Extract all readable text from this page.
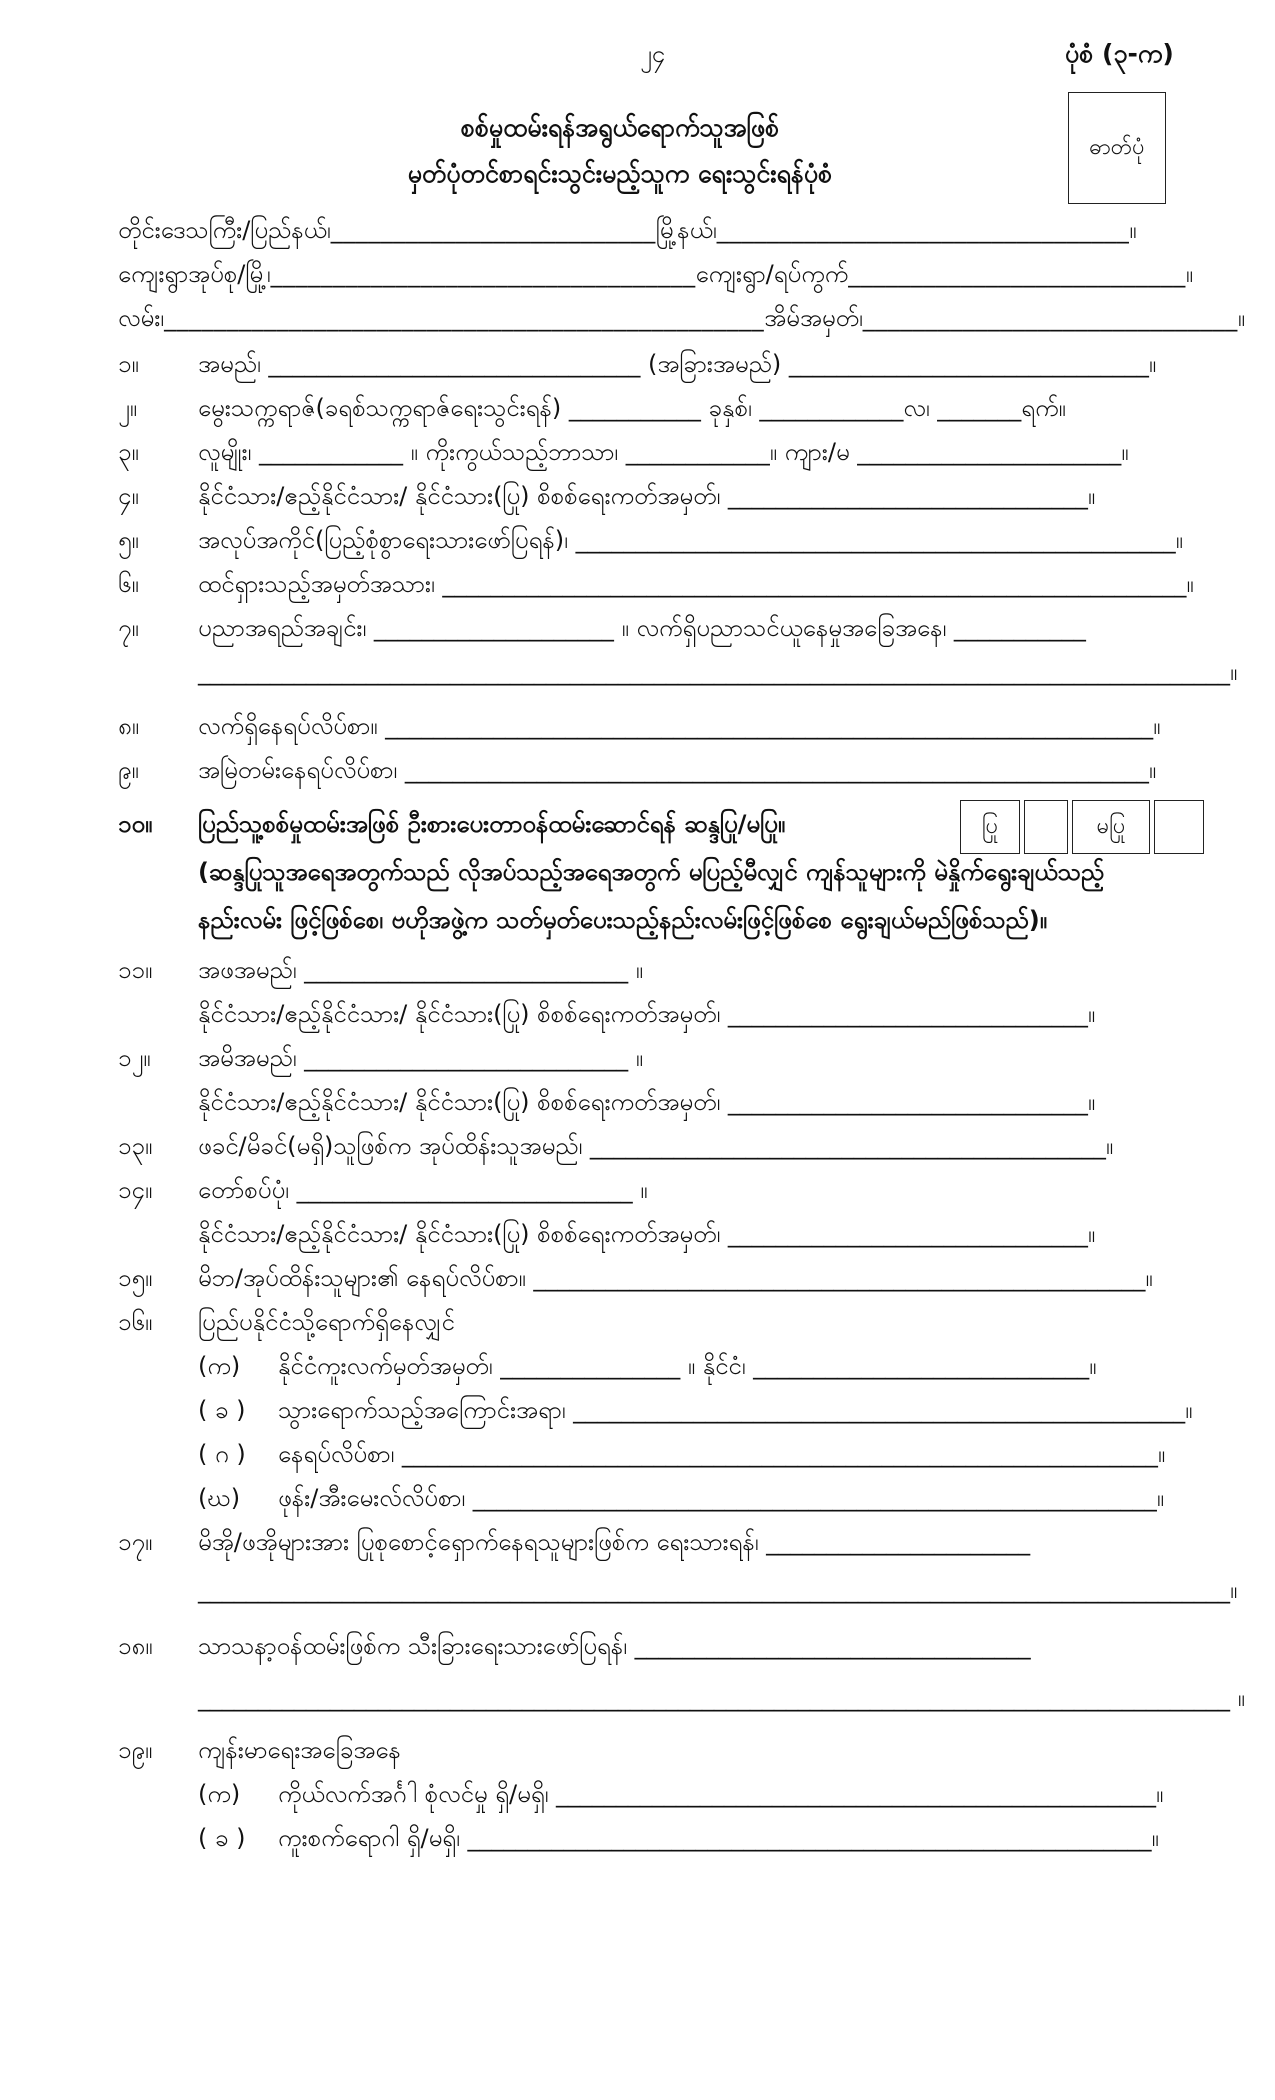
၂၄	ပုံစံ (၃-က)
စစ်မှုထမ်းရန်အရွယ်ရောက်သူအဖြစ်
မှတ်ပုံတင်စာရင်းသွင်းမည့်သူက ရေးသွင်းရန်ပုံစံ
ဓာတ်ပုံ
တိုင်းဒေသကြီး/ပြည်နယ်၊__________________________မြို့နယ်၊_________________________________။
ကျေးရွာအုပ်စု/မြို့၊__________________________________ကျေးရွာ/ရပ်ကွက်___________________________။
လမ်း၊________________________________________________အိမ်အမှတ်၊______________________________။
၁။ အမည်၊ _______________________________ (အခြားအမည်) ______________________________။
၂။	မွေးသက္ကရာဇ်(ခရစ်သက္ကရာဇ်ရေးသွင်းရန်) ___________ ခုနှစ်၊ ____________လ၊ _______ရက်။
၃။ လူမျိုး၊ ____________ ။ ကိုးကွယ်သည့်ဘာသာ၊ ____________။ ကျား/မ ______________________။
၄။ နိုင်ငံသား/ဧည့်နိုင်ငံသား/ နိုင်ငံသား(ပြု) စိစစ်ရေးကတ်အမှတ်၊ ______________________________။
၅။ အလုပ်အကိုင်(ပြည့်စုံစွာရေးသားဖော်ပြရန်)၊ __________________________________________________။
၆။ ထင်ရှားသည့်အမှတ်အသား၊ ______________________________________________________________။
၇။ ပညာအရည်အချင်း၊ ____________________ ။ လက်ရှိပညာသင်ယူနေမှုအခြေအနေ၊ ___________
______________________________________________________________________________________။
၈။ လက်ရှိနေရပ်လိပ်စာ။ ________________________________________________________________။
၉။ အမြဲတမ်းနေရပ်လိပ်စာ၊ ______________________________________________________________။
၁၀။ ပြည်သူ့စစ်မှုထမ်းအဖြစ် ဦးစားပေးတာဝန်ထမ်းဆောင်ရန် ဆန္ဒပြု/မပြု။	ပြု	မပြု
(ဆန္ဒပြုသူအရေအတွက်သည် လိုအပ်သည့်အရေအတွက် မပြည့်မီလျှင် ကျန်သူများကို မဲနှိုက်ရွေးချယ်သည့်
နည်းလမ်း ဖြင့်ဖြစ်စေ၊ ဗဟိုအဖွဲ့က သတ်မှတ်ပေးသည့်နည်းလမ်းဖြင့်ဖြစ်စေ ရွေးချယ်မည်ဖြစ်သည်)။
၁၁။ အဖအမည်၊ ___________________________ ။
နိုင်ငံသား/ဧည့်နိုင်ငံသား/ နိုင်ငံသား(ပြု) စိစစ်ရေးကတ်အမှတ်၊ ______________________________။
၁၂။ အမိအမည်၊ ___________________________ ။
နိုင်ငံသား/ဧည့်နိုင်ငံသား/ နိုင်ငံသား(ပြု) စိစစ်ရေးကတ်အမှတ်၊ ______________________________။
၁၃။ ဖခင်/မိခင်(မရှိ)သူဖြစ်က အုပ်ထိန်းသူအမည်၊ ___________________________________________။
၁၄။ တော်စပ်ပုံ၊ ____________________________ ။
နိုင်ငံသား/ဧည့်နိုင်ငံသား/ နိုင်ငံသား(ပြု) စိစစ်ရေးကတ်အမှတ်၊ ______________________________။
၁၅။ မိဘ/အုပ်ထိန်းသူများ၏ နေရပ်လိပ်စာ။ ___________________________________________________။
၁၆။ ပြည်ပနိုင်ငံသို့ရောက်ရှိနေလျှင်
(က) နိုင်ငံကူးလက်မှတ်အမှတ်၊ _______________ ။ နိုင်ငံ၊ ____________________________။
( ခ ) သွားရောက်သည့်အကြောင်းအရာ၊ ___________________________________________________။
( ဂ ) နေရပ်လိပ်စာ၊ _______________________________________________________________။
(ဃ) ဖုန်း/အီးမေးလ်လိပ်စာ၊ _________________________________________________________။
၁၇။ မိအို/ဖအိုများအား ပြုစုစောင့်ရှောက်နေရသူများဖြစ်က ရေးသားရန်၊ ______________________
______________________________________________________________________________________။
၁၈။ သာသနာ့ဝန်ထမ်းဖြစ်က သီးခြားရေးသားဖော်ပြရန်၊ _________________________________
______________________________________________________________________________________ ။
၁၉။ ကျန်းမာရေးအခြေအနေ
(က) ကိုယ်လက်အင်္ဂါ စုံလင်မှု ရှိ/မရှိ၊ __________________________________________________။
( ခ ) ကူးစက်ရောဂါ ရှိ/မရှိ၊ _________________________________________________________။
